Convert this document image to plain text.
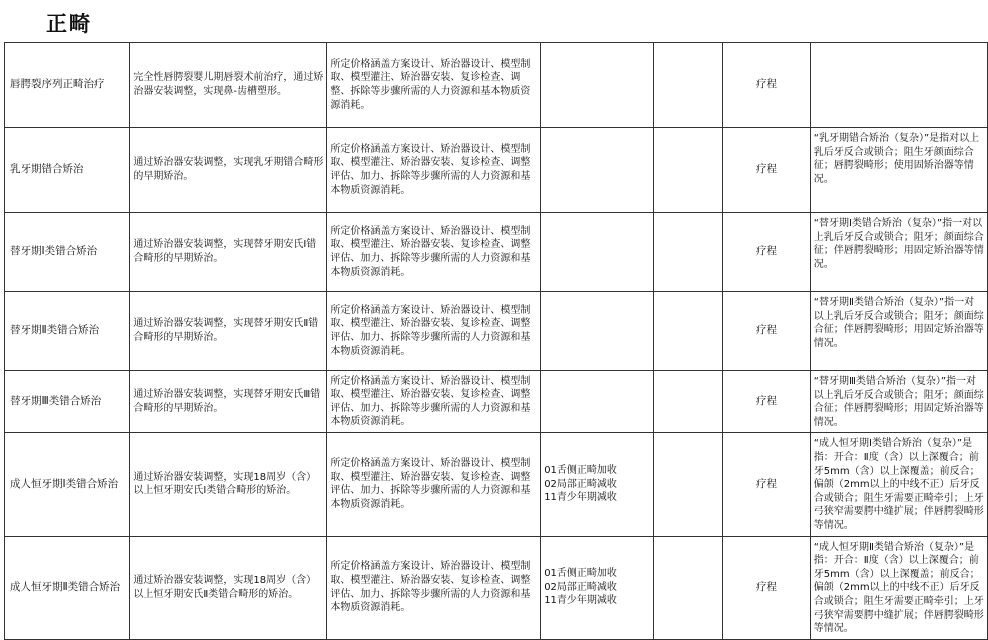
正畸
唇腭裂序列正畸治疗	完全性唇腭裂婴儿期唇裂术前治疗，通过矫治器安装调整，实现鼻-齿槽塑形。	所定价格涵盖方案设计、矫治器设计、模型制取、模型灌注、矫治器安装、复诊检查、调整、拆除等步骤所需的人力资源和基本物质资源消耗。			疗程	
乳牙期错合矫治	通过矫治器安装调整，实现乳牙期错合畸形的早期矫治。	所定价格涵盖方案设计、矫治器设计、模型制取、模型灌注、矫治器安装、复诊检查、调整评估、加力、拆除等步骤所需的人力资源和基本物质资源消耗。			疗程	“乳牙期错合矫治（复杂）”是指对以上乳后牙反合或锁合；阻生牙颜面综合征；唇腭裂畸形；使用固矫治器等情况。
替牙期Ⅰ类错合矫治	通过矫治器安装调整，实现替牙期安氏Ⅰ错合畸形的早期矫治。	所定价格涵盖方案设计、矫治器设计、模型制取、模型灌注、矫治器安装、复诊检查、调整评估、加力、拆除等步骤所需的人力资源和基本物质资源消耗。			疗程	“替牙期Ⅰ类错合矫治（复杂）”指一对以上乳后牙反合或锁合；阻牙；颜面综合征；伴唇腭裂畸形；用固定矫治器等情况。
替牙期Ⅱ类错合矫治	通过矫治器安装调整，实现替牙期安氏Ⅱ错合畸形的早期矫治。	所定价格涵盖方案设计、矫治器设计、模型制取、模型灌注、矫治器安装、复诊检查、调整评估、加力、拆除等步骤所需的人力资源和基本物质资源消耗。			疗程	“替牙期Ⅱ类错合矫治（复杂）”指一对以上乳后牙反合或锁合；阻牙；颜面综合征；伴唇腭裂畸形；用固定矫治器等情况。
替牙期Ⅲ类错合矫治	通过矫治器安装调整，实现替牙期安氏Ⅲ错合畸形的早期矫治。	所定价格涵盖方案设计、矫治器设计、模型制取、模型灌注、矫治器安装、复诊检查、调整评估、加力、拆除等步骤所需的人力资源和基本物质资源消耗。			疗程	“替牙期Ⅲ类错合矫治（复杂）”指一对以上乳后牙反合或锁合；阻牙；颜面综合征；伴唇腭裂畸形；用固定矫治器等情况。
成人恒牙期Ⅰ类错合矫治	通过矫治器安装调整，实现18周岁（含）以上恒牙期安氏Ⅰ类错合畸形的矫治。	所定价格涵盖方案设计、矫治器设计、模型制取、模型灌注、矫治器安装、复诊检查、调整评估、加力、拆除等步骤所需的人力资源和基本物质资源消耗。	01舌侧正畸加收
02局部正畸减收
11青少年期减收		疗程	“成人恒牙期Ⅰ类错合矫治（复杂）”是指：开合：Ⅱ度（含）以上深覆合；前牙5mm（含）以上深覆盖；前反合；偏颌（2mm以上的中线不正）后牙反合或锁合；阻生牙需要正畸牵引；上牙弓狭窄需要腭中缝扩展；伴唇腭裂畸形等情况。
成人恒牙期Ⅱ类错合矫治	通过矫治器安装调整，实现18周岁（含）以上恒牙期安氏Ⅱ类错合畸形的矫治。	所定价格涵盖方案设计、矫治器设计、模型制取、模型灌注、矫治器安装、复诊检查、调整评估、加力、拆除等步骤所需的人力资源和基本物质资源消耗。	01舌侧正畸加收
02局部正畸减收
11青少年期减收		疗程	“成人恒牙期Ⅱ类错合矫治（复杂）”是指：开合：Ⅱ度（含）以上深覆合；前牙5mm（含）以上深覆盖；前反合；偏颌（2mm以上的中线不正）后牙反合或锁合；阻生牙需要正畸牵引；上牙弓狭窄需要腭中缝扩展；伴唇腭裂畸形等情况。
